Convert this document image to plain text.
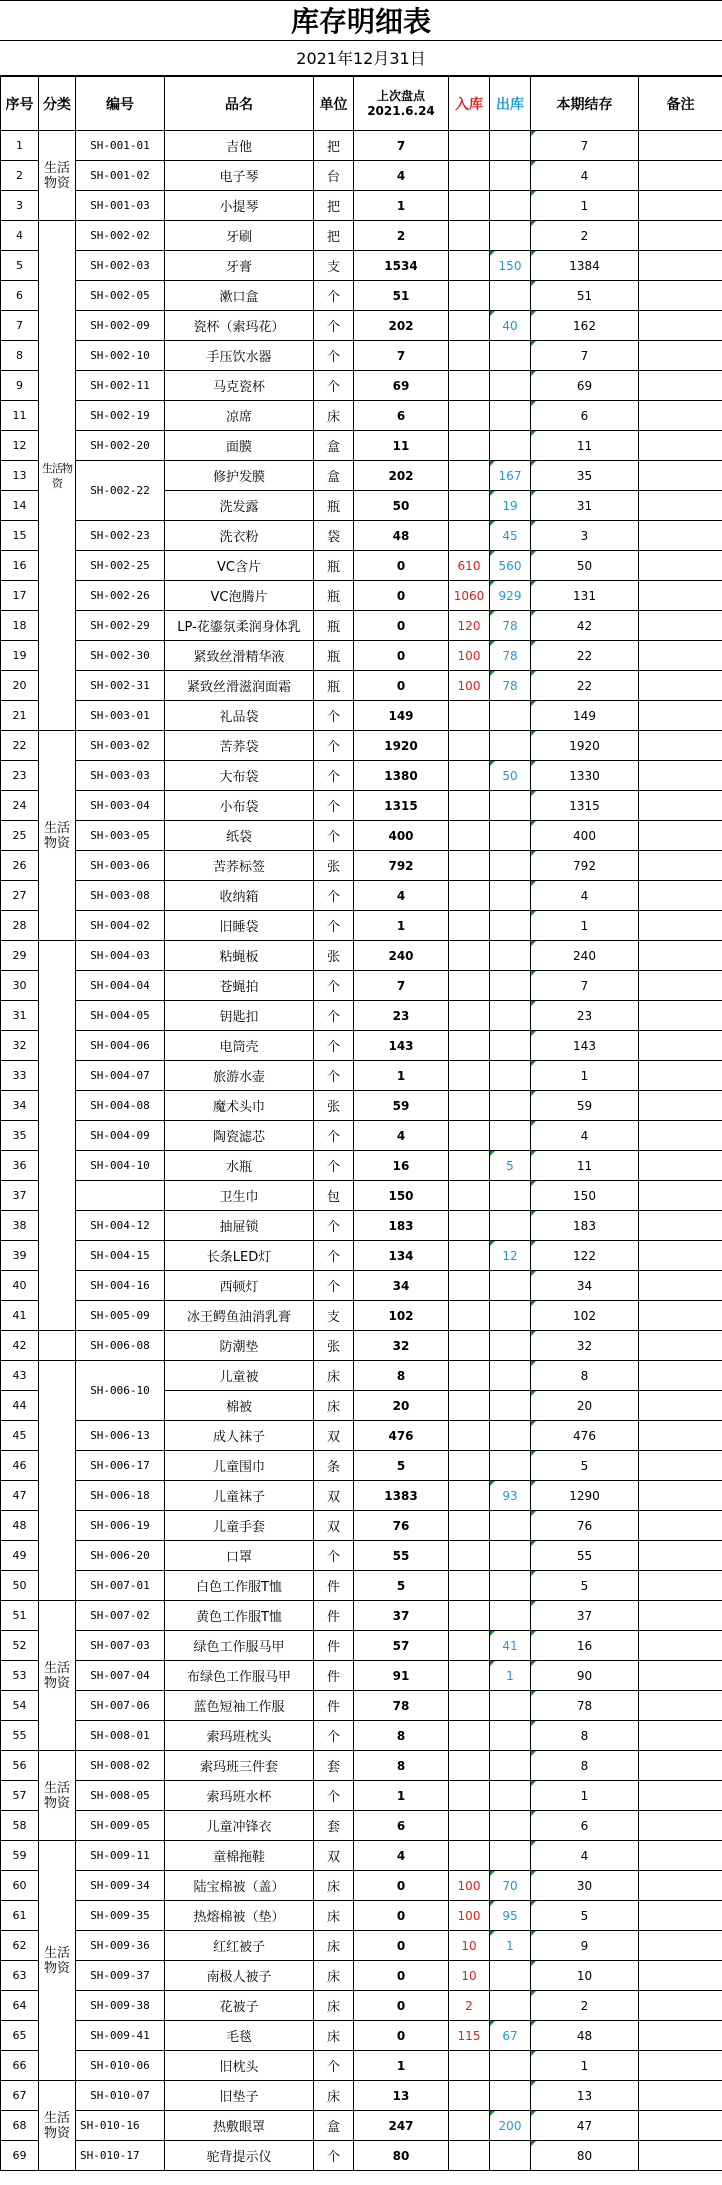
库存明细表
2021年12月31日
序号	分类	编号	品名	单位	上次盘点
2021.6.24	入库	出库	本期结存	备注
1	生活物资	SH-001-01	吉他	把	7			7	
2		SH-001-02	电子琴	台	4			4	
3		SH-001-03	小提琴	把	1			1	
4	生活物资	SH-002-02	牙刷	把	2			2	
5		SH-002-03	牙膏	支	1534		150	1384	
6		SH-002-05	漱口盒	个	51			51	
7		SH-002-09	瓷杯（索玛花）	个	202		40	162	
8		SH-002-10	手压饮水器	个	7			7	
9		SH-002-11	马克瓷杯	个	69			69	
11		SH-002-19	凉席	床	6			6	
12		SH-002-20	面膜	盒	11			11	
13		SH-002-22	修护发膜	盒	202		167	35	
14			洗发露	瓶	50		19	31	
15		SH-002-23	洗衣粉	袋	48		45	3	
16		SH-002-25	VC含片	瓶	0	610	560	50	
17		SH-002-26	VC泡腾片	瓶	0	1060	929	131	
18		SH-002-29	LP-花鎏氛柔润身体乳	瓶	0	120	78	42	
19		SH-002-30	紧致丝滑精华液	瓶	0	100	78	22	
20		SH-002-31	紧致丝滑滋润面霜	瓶	0	100	78	22	
21		SH-003-01	礼品袋	个	149			149	
22	生活物资	SH-003-02	苦荞袋	个	1920			1920	
23		SH-003-03	大布袋	个	1380		50	1330	
24		SH-003-04	小布袋	个	1315			1315	
25		SH-003-05	纸袋	个	400			400	
26		SH-003-06	苦荞标签	张	792			792	
27		SH-003-08	收纳箱	个	4			4	
28		SH-004-02	旧睡袋	个	1			1	
29		SH-004-03	粘蝇板	张	240			240	
30		SH-004-04	苍蝇拍	个	7			7	
31		SH-004-05	钥匙扣	个	23			23	
32		SH-004-06	电筒壳	个	143			143	
33		SH-004-07	旅游水壶	个	1			1	
34		SH-004-08	魔术头巾	张	59			59	
35		SH-004-09	陶瓷滤芯	个	4			4	
36		SH-004-10	水瓶	个	16		5	11	
37			卫生巾	包	150			150	
38		SH-004-12	抽屉锁	个	183			183	
39		SH-004-15	长条LED灯	个	134		12	122	
40		SH-004-16	西顿灯	个	34			34	
41		SH-005-09	冰王鳄鱼油消乳膏	支	102			102	
42		SH-006-08	防潮垫	张	32			32	
43		SH-006-10	儿童被	床	8			8	
44			棉被	床	20			20	
45		SH-006-13	成人袜子	双	476			476	
46		SH-006-17	儿童围巾	条	5			5	
47		SH-006-18	儿童袜子	双	1383		93	1290	
48		SH-006-19	儿童手套	双	76			76	
49		SH-006-20	口罩	个	55			55	
50		SH-007-01	白色工作服T恤	件	5			5	
51	生活物资	SH-007-02	黄色工作服T恤	件	37			37	
52		SH-007-03	绿色工作服马甲	件	57		41	16	
53		SH-007-04	布绿色工作服马甲	件	91		1	90	
54		SH-007-06	蓝色短袖工作服	件	78			78	
55		SH-008-01	索玛班枕头	个	8			8	
56	生活物资	SH-008-02	索玛班三件套	套	8			8	
57		SH-008-05	索玛班水杯	个	1			1	
58		SH-009-05	儿童冲锋衣	套	6			6	
59	生活物资	SH-009-11	童棉拖鞋	双	4			4	
60		SH-009-34	陆宝棉被（盖）	床	0	100	70	30	
61		SH-009-35	热熔棉被（垫）	床	0	100	95	5	
62		SH-009-36	红红被子	床	0	10	1	9	
63		SH-009-37	南极人被子	床	0	10		10	
64		SH-009-38	花被子	床	0	2		2	
65		SH-009-41	毛毯	床	0	115	67	48	
66		SH-010-06	旧枕头	个	1			1	
67	生活物资	SH-010-07	旧垫子	床	13			13	
68		SH-010-16	热敷眼罩	盒	247		200	47	
69		SH-010-17	驼背提示仪	个	80			80	
